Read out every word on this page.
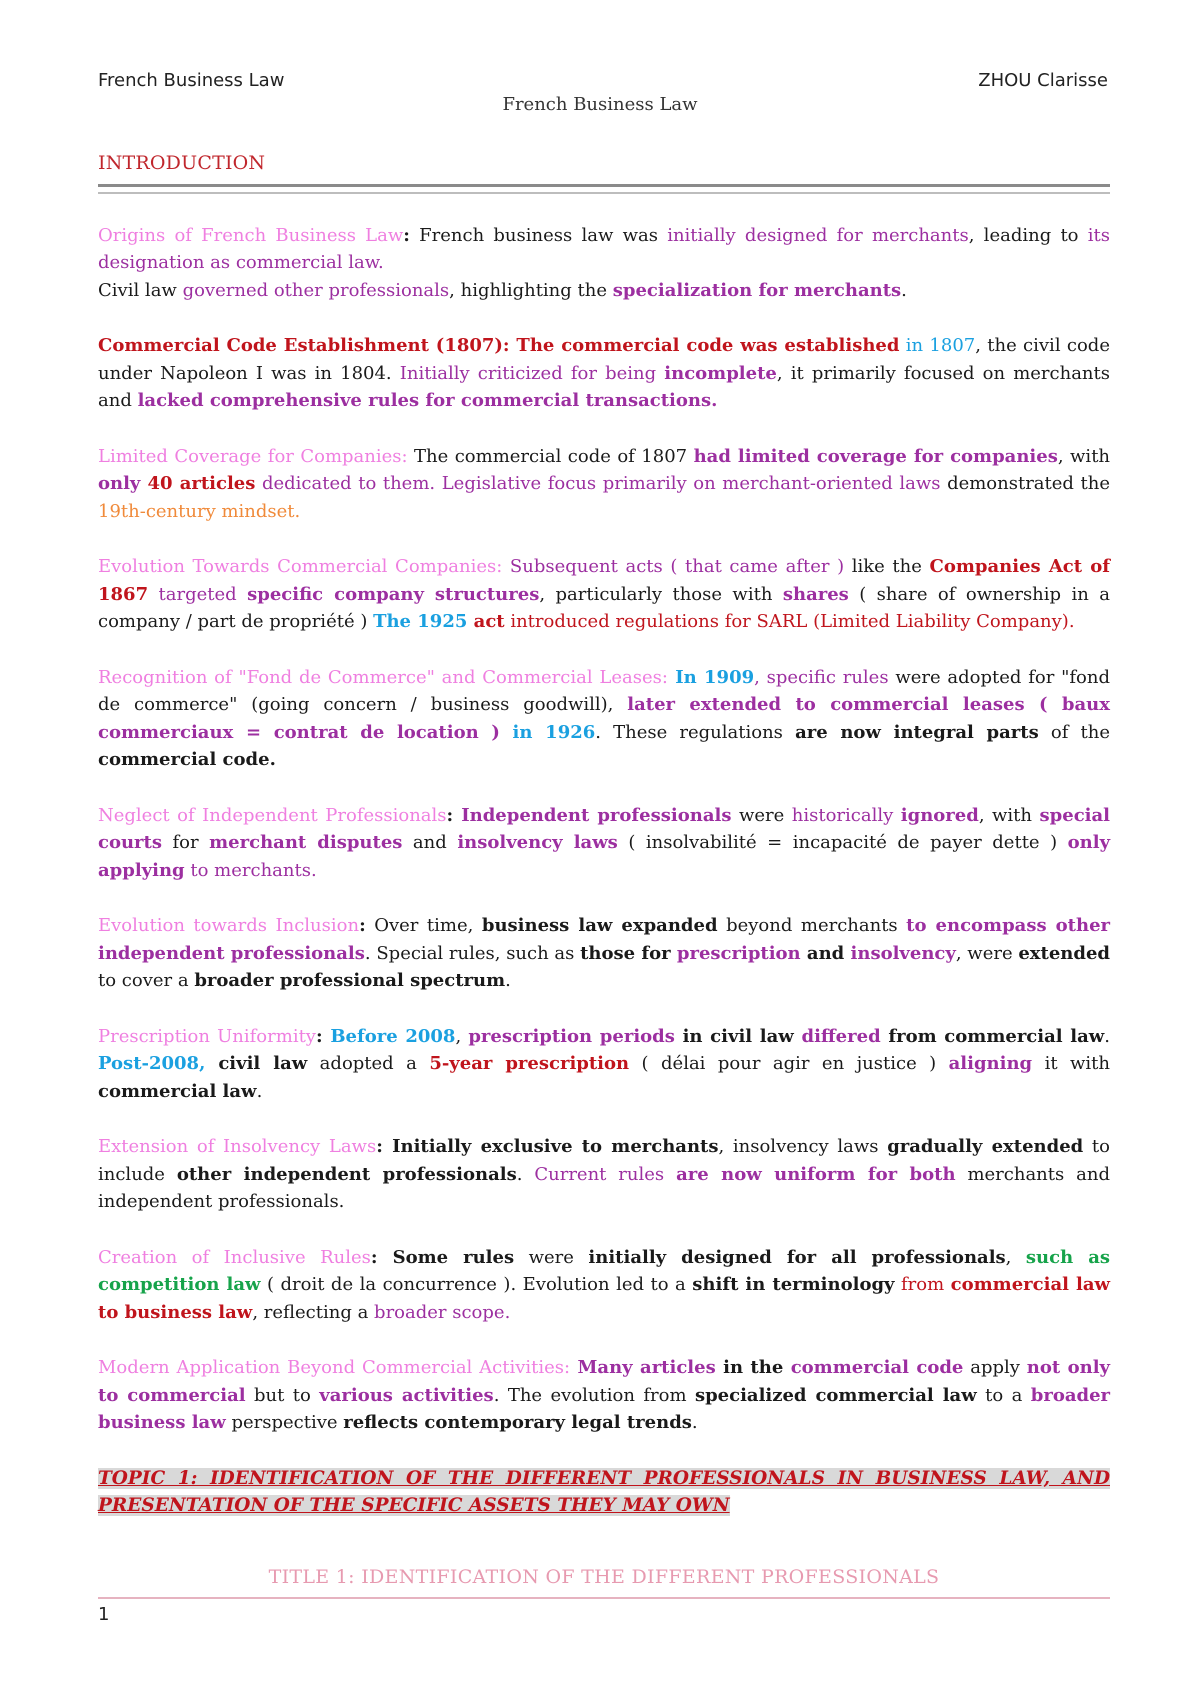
French Business Law	ZHOU Clarisse
French Business Law
INTRODUCTION

Origins of French Business Law: French business law was initially designed for merchants, leading to its designation as commercial law.

Civil law governed other professionals, highlighting the specialization for merchants.

Commercial Code Establishment (1807): The commercial code was established in 1807, the civil code under Napoleon I was in 1804. Initially criticized for being incomplete, it primarily focused on merchants and lacked comprehensive rules for commercial transactions.

Limited Coverage for Companies: The commercial code of 1807 had limited coverage for companies, with only 40 articles dedicated to them. Legislative focus primarily on merchant-oriented laws demonstrated the 19th-century mindset.

Evolution Towards Commercial Companies: Subsequent acts ( that came after ) like the Companies Act of 1867 targeted specific company structures, particularly those with shares ( share of ownership in a company / part de propriété ) The 1925 act introduced regulations for SARL (Limited Liability Company).

Recognition of "Fond de Commerce" and Commercial Leases: In 1909, specific rules were adopted for "fond de commerce" (going concern / business goodwill), later extended to commercial leases ( baux commerciaux = contrat de location ) in 1926. These regulations are now integral parts of the commercial code.

Neglect of Independent Professionals: Independent professionals were historically ignored, with special courts for merchant disputes and insolvency laws ( insolvabilité = incapacité de payer dette ) only applying to merchants.

Evolution towards Inclusion: Over time, business law expanded beyond merchants to encompass other independent professionals. Special rules, such as those for prescription and insolvency, were extended to cover a broader professional spectrum.

Prescription Uniformity: Before 2008, prescription periods in civil law differed from commercial law. Post-2008, civil law adopted a 5-year prescription ( délai pour agir en justice ) aligning it with commercial law.

Extension of Insolvency Laws: Initially exclusive to merchants, insolvency laws gradually extended to include other independent professionals. Current rules are now uniform for both merchants and independent professionals.

Creation of Inclusive Rules: Some rules were initially designed for all professionals, such as competition law ( droit de la concurrence ). Evolution led to a shift in terminology from commercial law to business law, reflecting a broader scope.

Modern Application Beyond Commercial Activities: Many articles in the commercial code apply not only to commercial but to various activities. The evolution from specialized commercial law to a broader business law perspective reflects contemporary legal trends.

TOPIC 1: IDENTIFICATION OF THE DIFFERENT PROFESSIONALS IN BUSINESS LAW, AND PRESENTATION OF THE SPECIFIC ASSETS THEY MAY OWN
TITLE 1: IDENTIFICATION OF THE DIFFERENT PROFESSIONALS
1
